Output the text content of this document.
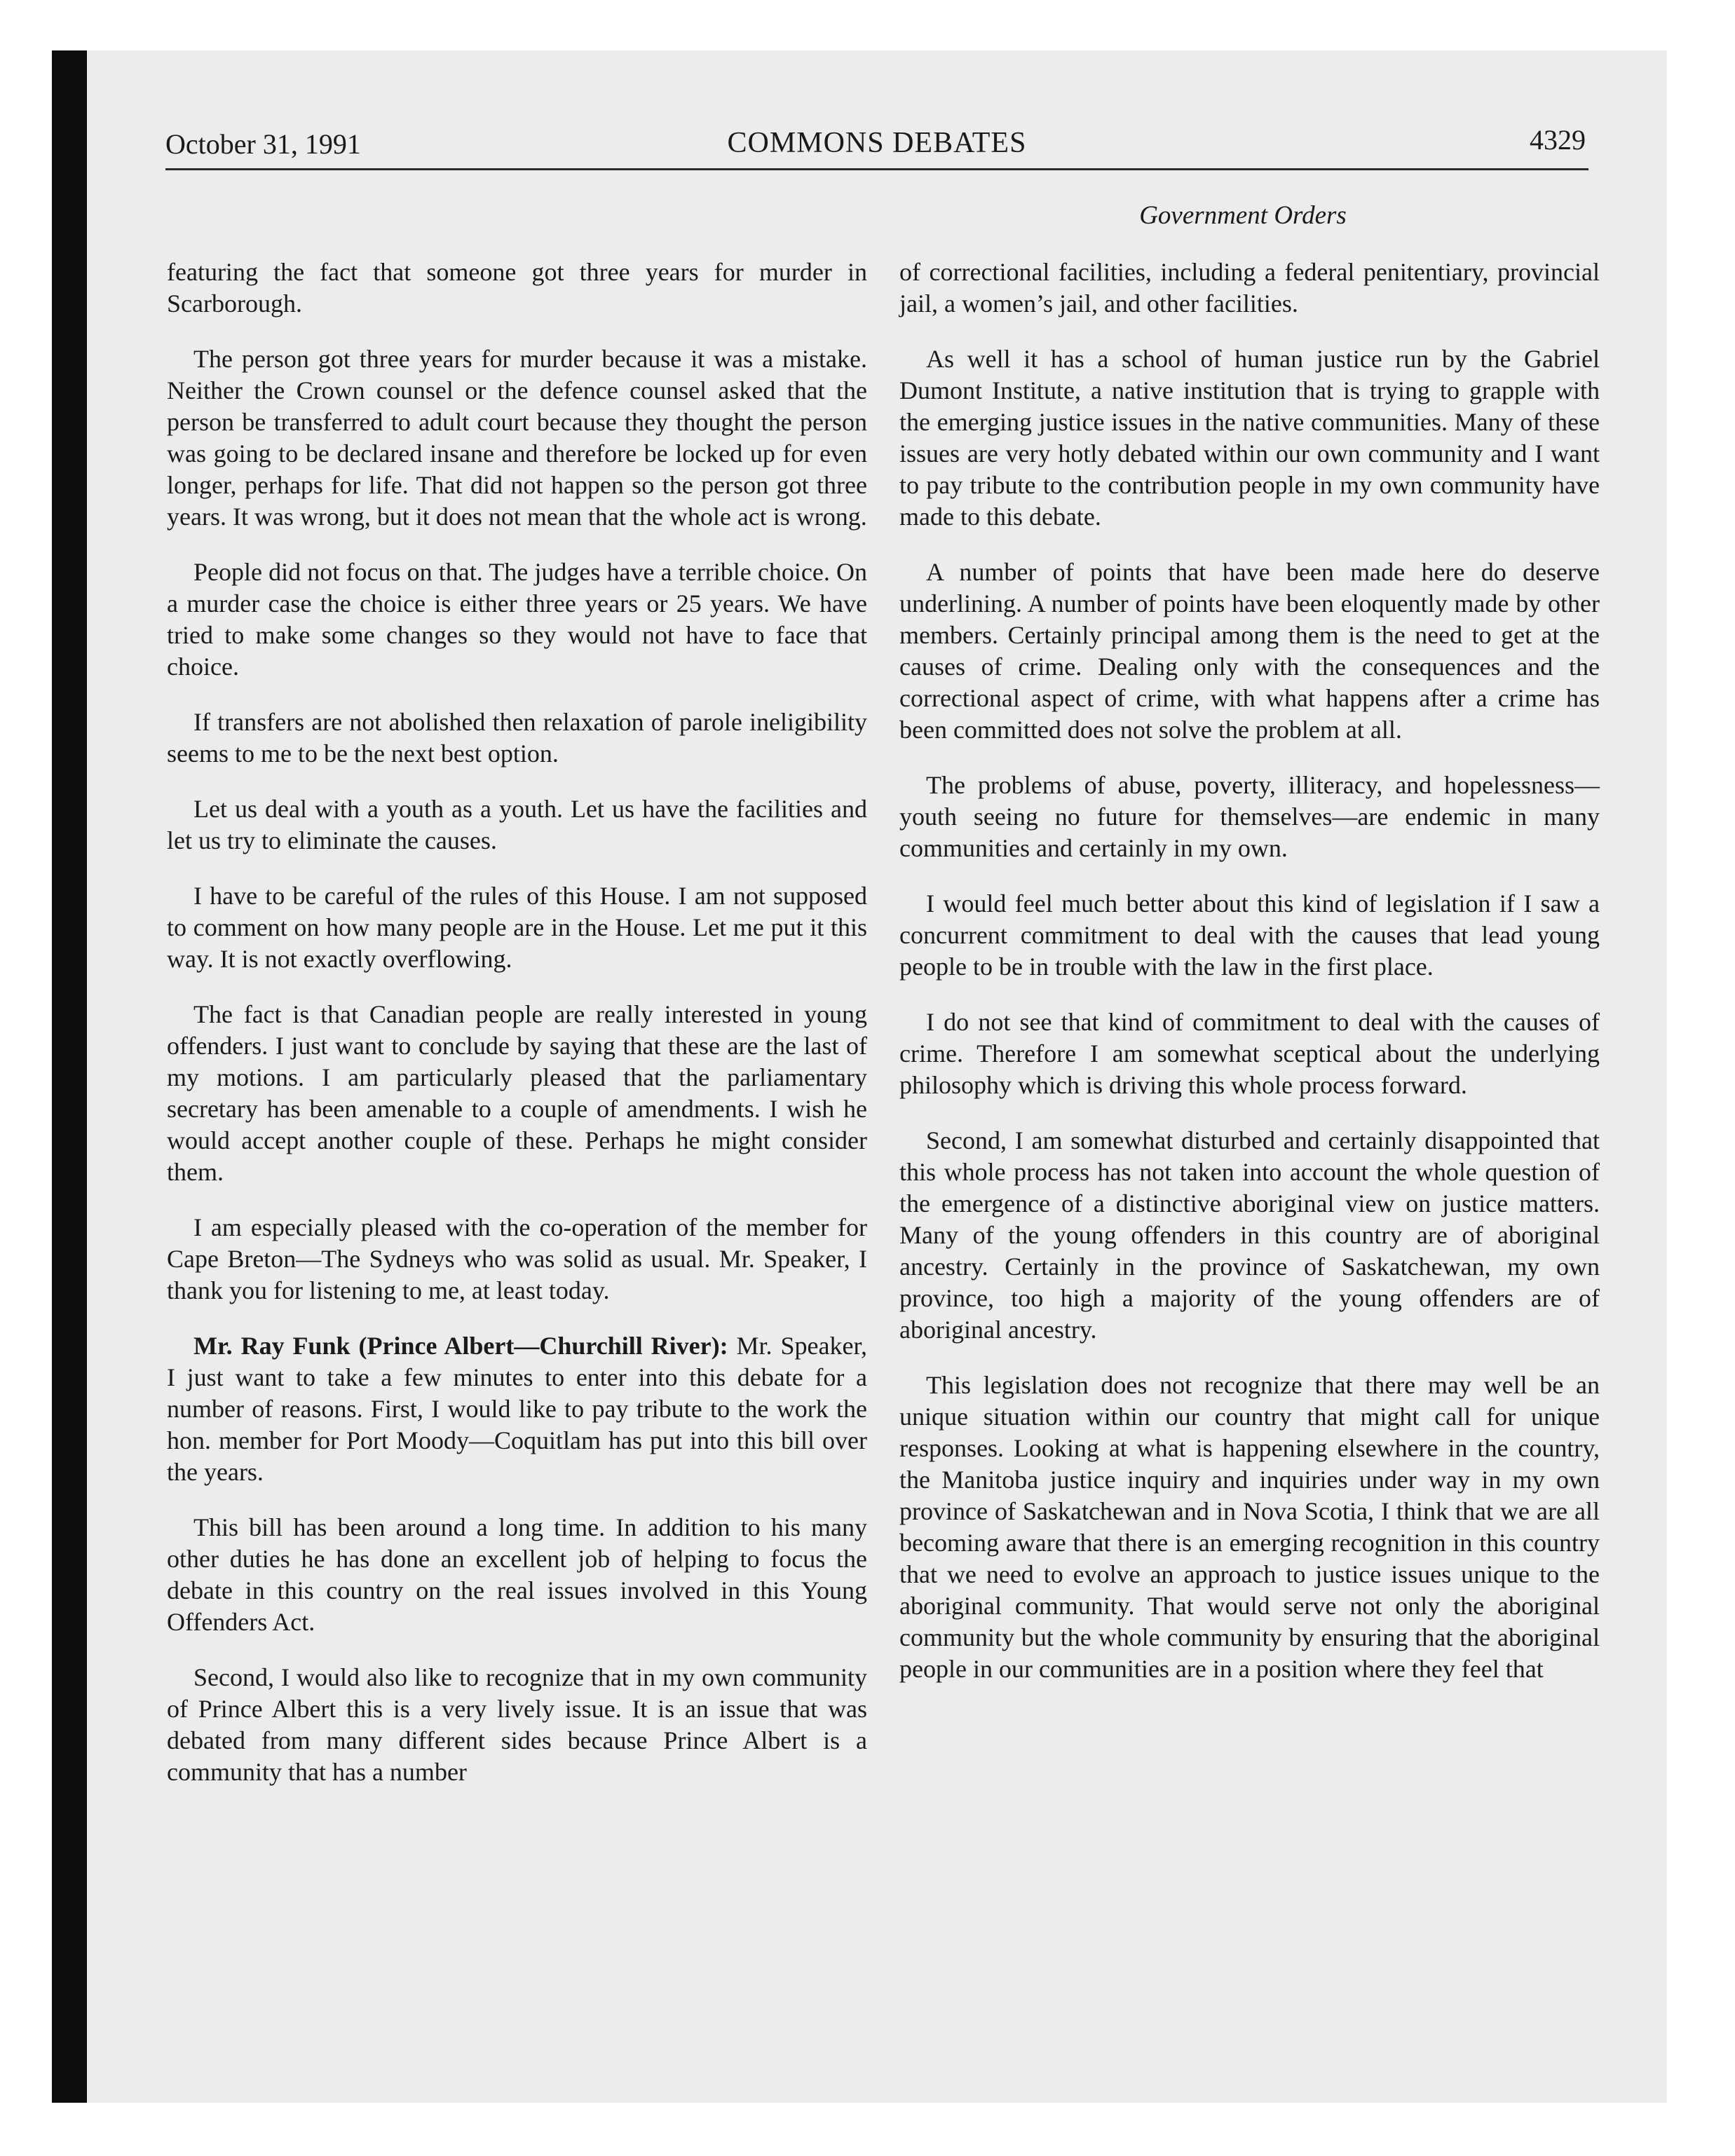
October 31, 1991	COMMONS DEBATES	4329
Government Orders

featuring the fact that someone got three years for murder in Scarborough.

The person got three years for murder because it was a mistake. Neither the Crown counsel or the defence counsel asked that the person be transferred to adult court because they thought the person was going to be declared insane and therefore be locked up for even longer, perhaps for life. That did not happen so the person got three years. It was wrong, but it does not mean that the whole act is wrong.

People did not focus on that. The judges have a terrible choice. On a murder case the choice is either three years or 25 years. We have tried to make some changes so they would not have to face that choice.

If transfers are not abolished then relaxation of parole ineligibility seems to me to be the next best option.

Let us deal with a youth as a youth. Let us have the facilities and let us try to eliminate the causes.

I have to be careful of the rules of this House. I am not supposed to comment on how many people are in the House. Let me put it this way. It is not exactly overflowing.

The fact is that Canadian people are really interested in young offenders. I just want to conclude by saying that these are the last of my motions. I am particularly pleased that the parliamentary secretary has been amenable to a couple of amendments. I wish he would accept another couple of these. Perhaps he might consider them.

I am especially pleased with the co-operation of the member for Cape Breton—The Sydneys who was solid as usual. Mr. Speaker, I thank you for listening to me, at least today.

Mr. Ray Funk (Prince Albert—Churchill River): Mr. Speaker, I just want to take a few minutes to enter into this debate for a number of reasons. First, I would like to pay tribute to the work the hon. member for Port Moody—Coquitlam has put into this bill over the years.

This bill has been around a long time. In addition to his many other duties he has done an excellent job of helping to focus the debate in this country on the real issues involved in this Young Offenders Act.

Second, I would also like to recognize that in my own community of Prince Albert this is a very lively issue. It is an issue that was debated from many different sides because Prince Albert is a community that has a number

of correctional facilities, including a federal penitentiary, provincial jail, a women’s jail, and other facilities.

As well it has a school of human justice run by the Gabriel Dumont Institute, a native institution that is trying to grapple with the emerging justice issues in the native communities. Many of these issues are very hotly debated within our own community and I want to pay tribute to the contribution people in my own community have made to this debate.

A number of points that have been made here do deserve underlining. A number of points have been eloquently made by other members. Certainly principal among them is the need to get at the causes of crime. Dealing only with the consequences and the correctional aspect of crime, with what happens after a crime has been committed does not solve the problem at all.

The problems of abuse, poverty, illiteracy, and hopelessness—youth seeing no future for themselves—are endemic in many communities and certainly in my own.

I would feel much better about this kind of legislation if I saw a concurrent commitment to deal with the causes that lead young people to be in trouble with the law in the first place.

I do not see that kind of commitment to deal with the causes of crime. Therefore I am somewhat sceptical about the underlying philosophy which is driving this whole process forward.

Second, I am somewhat disturbed and certainly disappointed that this whole process has not taken into account the whole question of the emergence of a distinctive aboriginal view on justice matters. Many of the young offenders in this country are of aboriginal ancestry. Certainly in the province of Saskatchewan, my own province, too high a majority of the young offenders are of aboriginal ancestry.

This legislation does not recognize that there may well be an unique situation within our country that might call for unique responses. Looking at what is happening elsewhere in the country, the Manitoba justice inquiry and inquiries under way in my own province of Saskatchewan and in Nova Scotia, I think that we are all becoming aware that there is an emerging recognition in this country that we need to evolve an approach to justice issues unique to the aboriginal community. That would serve not only the aboriginal community but the whole community by ensuring that the aboriginal people in our communities are in a position where they feel that
